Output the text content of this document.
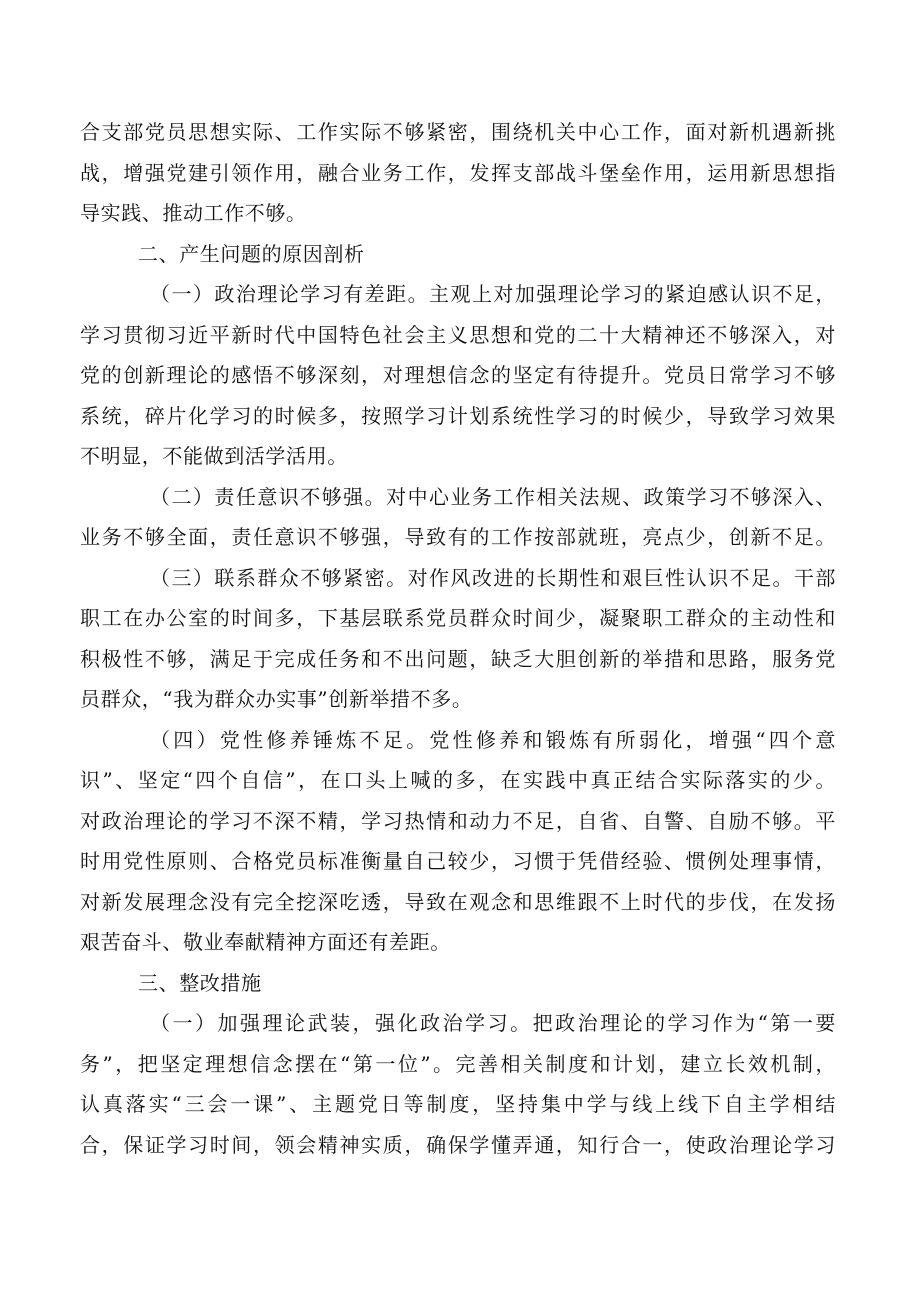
合支部党员思想实际、工作实际不够紧密，围绕机关中心工作，面对新机遇新挑
战，增强党建引领作用，融合业务工作，发挥支部战斗堡垒作用，运用新思想指
导实践、推动工作不够。
二、产生问题的原因剖析
（一）政治理论学习有差距。主观上对加强理论学习的紧迫感认识不足，
学习贯彻习近平新时代中国特色社会主义思想和党的二十大精神还不够深入，对
党的创新理论的感悟不够深刻，对理想信念的坚定有待提升。党员日常学习不够
系统，碎片化学习的时候多，按照学习计划系统性学习的时候少，导致学习效果
不明显，不能做到活学活用。
（二）责任意识不够强。对中心业务工作相关法规、政策学习不够深入、
业务不够全面，责任意识不够强，导致有的工作按部就班，亮点少，创新不足。
（三）联系群众不够紧密。对作风改进的长期性和艰巨性认识不足。干部
职工在办公室的时间多，下基层联系党员群众时间少，凝聚职工群众的主动性和
积极性不够，满足于完成任务和不出问题，缺乏大胆创新的举措和思路，服务党
员群众，“我为群众办实事”创新举措不多。
（四）党性修养锤炼不足。党性修养和锻炼有所弱化，增强“四个意
识”、坚定“四个自信”，在口头上喊的多，在实践中真正结合实际落实的少。
对政治理论的学习不深不精，学习热情和动力不足，自省、自警、自励不够。平
时用党性原则、合格党员标准衡量自己较少，习惯于凭借经验、惯例处理事情，
对新发展理念没有完全挖深吃透，导致在观念和思维跟不上时代的步伐，在发扬
艰苦奋斗、敬业奉献精神方面还有差距。
三、整改措施
（一）加强理论武装，强化政治学习。把政治理论的学习作为“第一要
务”，把坚定理想信念摆在“第一位”。完善相关制度和计划，建立长效机制，
认真落实“三会一课”、主题党日等制度，坚持集中学与线上线下自主学相结
合，保证学习时间，领会精神实质，确保学懂弄通，知行合一，使政治理论学习
